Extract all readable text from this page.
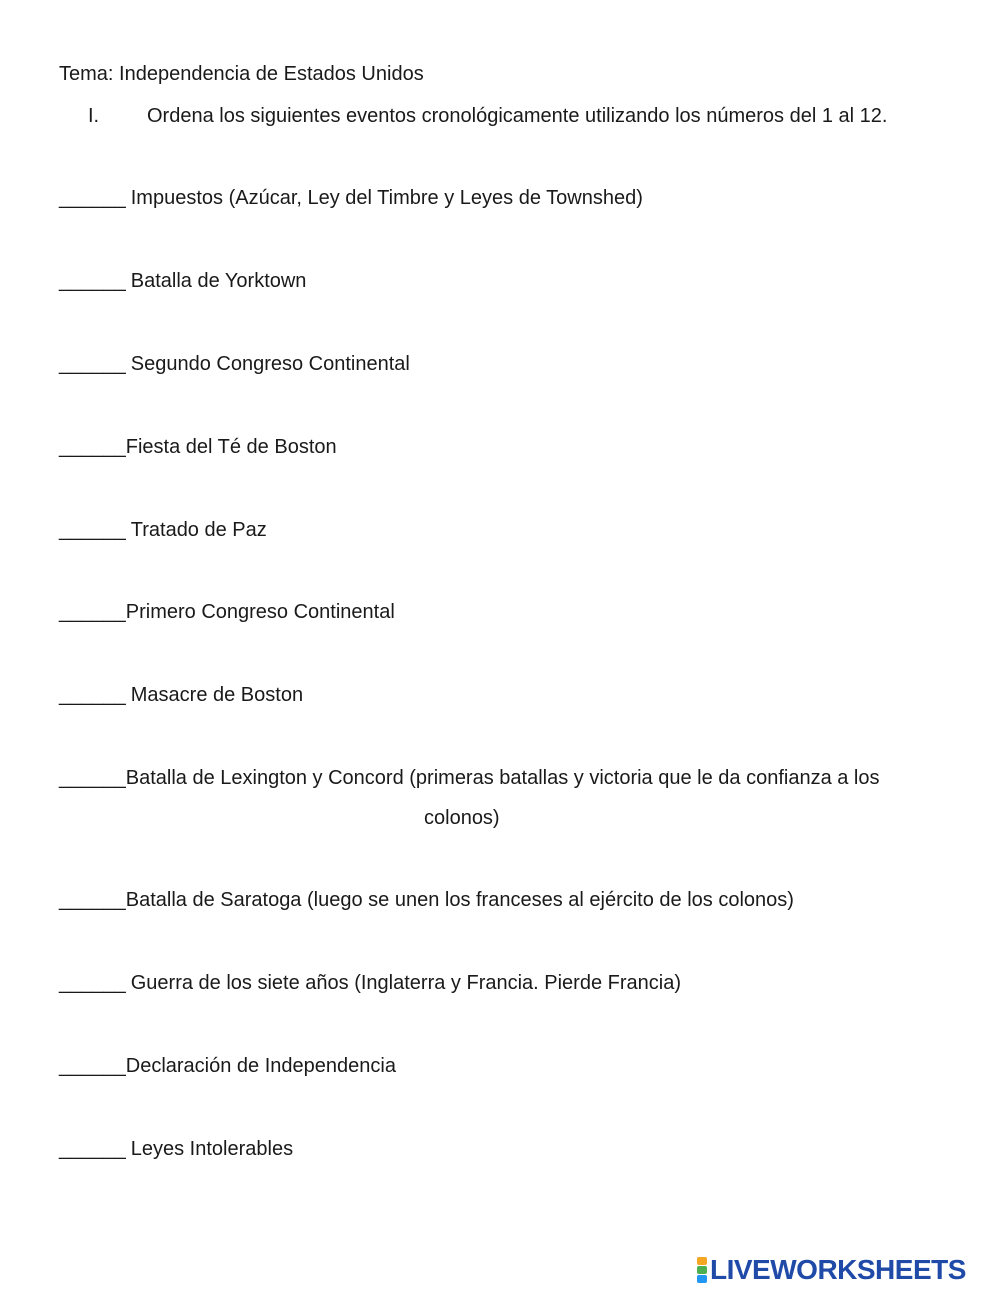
Tema: Independencia de Estados Unidos
I.	Ordena los siguientes eventos cronológicamente utilizando los números del 1 al 12.
______ Impuestos (Azúcar, Ley del Timbre y Leyes de Townshed)
______ Batalla de Yorktown
______ Segundo Congreso Continental
______ Fiesta del Té de Boston
______ Tratado de Paz
______ Primero Congreso Continental
______ Masacre de Boston
______ Batalla de Lexington y Concord (primeras batallas y victoria que le da confianza a los
colonos)
______ Batalla de Saratoga (luego se unen los franceses al ejército de los colonos)
______ Guerra de los siete años (Inglaterra y Francia. Pierde Francia)
______ Declaración de Independencia
______ Leyes Intolerables
LIVEWORKSHEETS
